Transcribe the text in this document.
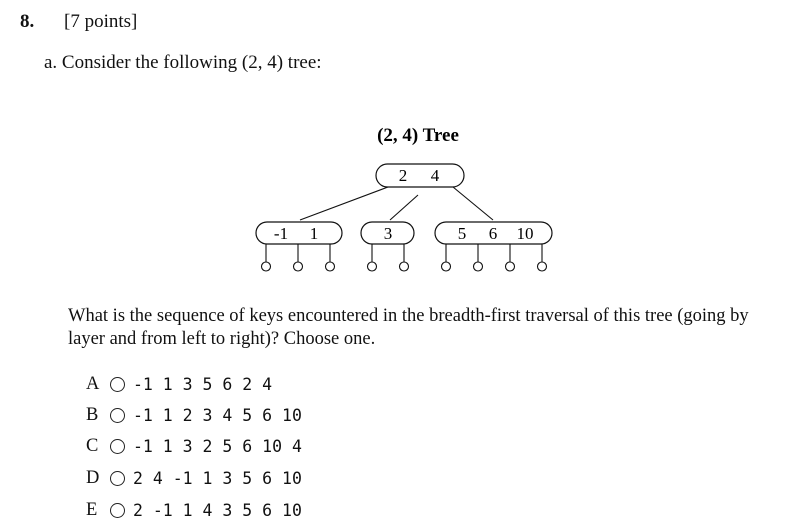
8. [7 points]
a. Consider the following (2, 4) tree:
(2, 4) Tree
2 4
-1 1	3	5 6 10
What is the sequence of keys encountered in the breadth-first traversal of this tree (going by layer and from left to right)? Choose one.
A	-1 1 3 5 6 2 4
B	-1 1 2 3 4 5 6 10
C	-1 1 3 2 5 6 10 4
D	2 4 -1 1 3 5 6 10
E	2 -1 1 4 3 5 6 10
